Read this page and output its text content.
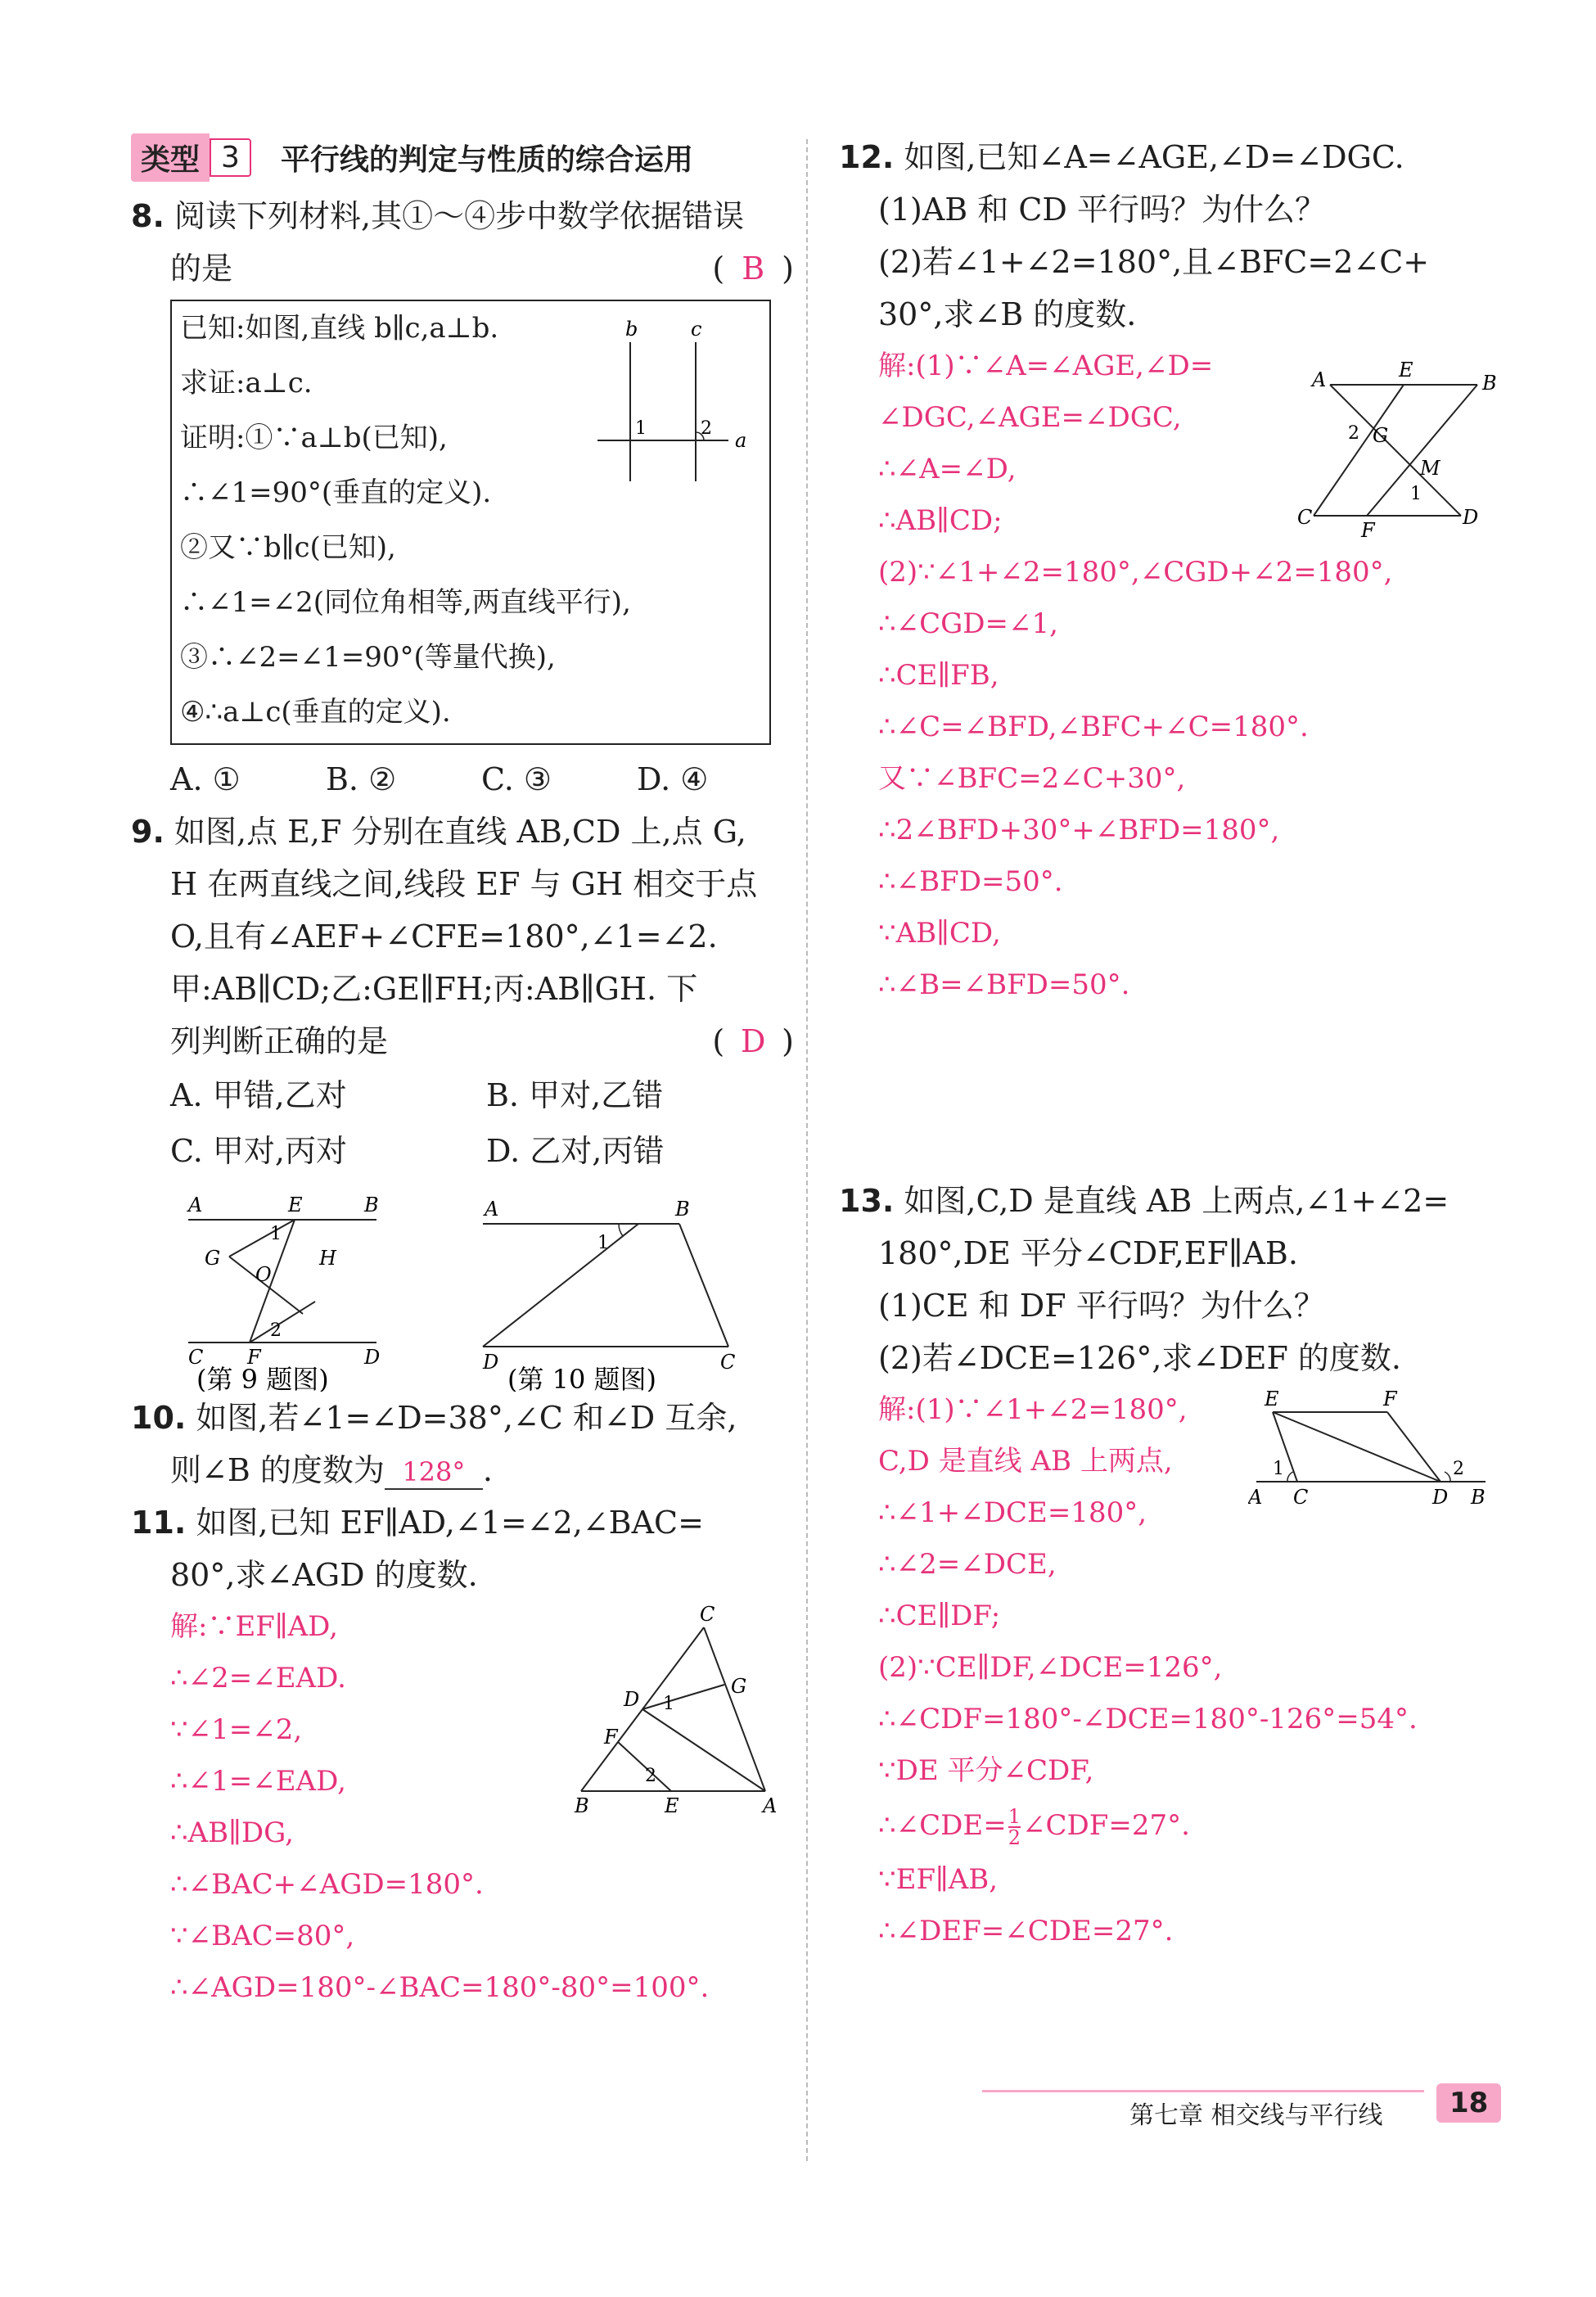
类型 3	平行线的判定与性质的综合运用
8. 阅读下列材料,其①～④步中数学依据错误
的是	( B )
已知:如图,直线 b∥c,a⊥b.
求证:a⊥c.
证明:①∵a⊥b(已知),
∴∠1=90°(垂直的定义).
②又∵b∥c(已知),
∴∠1=∠2(同位角相等,两直线平行),
③∴∠2=∠1=90°(等量代换),
④∴a⊥c(垂直的定义).
b	c
a
1	2
A. ①	B. ②	C. ③	D. ④
9. 如图,点 E,F 分别在直线 AB,CD 上,点 G,
H 在两直线之间,线段 EF 与 GH 相交于点
O,且有∠AEF+∠CFE=180°,∠1=∠2.
甲:AB∥CD;乙:GE∥FH;丙:AB∥GH. 下
列判断正确的是	( D )
A. 甲错,乙对	B. 甲对,乙错
C. 甲对,丙对	D. 乙对,丙错
A	E	B
G
O
H
C F	D
1
2
(第 9 题图)
A	B
D	C
1
(第 10 题图)
10. 如图,若∠1=∠D=38°,∠C 和∠D 互余,
则∠B 的度数为 128° .
11. 如图,已知 EF∥AD,∠1=∠2,∠BAC=
80°,求∠AGD 的度数.
解:∵EF∥AD,
∴∠2=∠EAD.
∵∠1=∠2,
∴∠1=∠EAD,
∴AB∥DG,
∴∠BAC+∠AGD=180°.
∵∠BAC=80°,
∴∠AGD=180°-∠BAC=180°-80°=100°.
C
D
G
1
F
2
B	E	A
12. 如图,已知∠A=∠AGE,∠D=∠DGC.
(1)AB 和 CD 平行吗？为什么？
(2)若∠1+∠2=180°,且∠BFC=2∠C+
30°,求∠B 的度数.
解:(1)∵∠A=∠AGE,∠D=
∠DGC,∠AGE=∠DGC,
∴∠A=∠D,
∴AB∥CD;
(2)∵∠1+∠2=180°,∠CGD+∠2=180°,
∴∠CGD=∠1,
∴CE∥FB,
∴∠C=∠BFD,∠BFC+∠C=180°.
又∵∠BFC=2∠C+30°,
∴2∠BFD+30°+∠BFD=180°,
∴∠BFD=50°.
∵AB∥CD,
∴∠B=∠BFD=50°.
A	E
B
2 G
M
1
C
F
D
13. 如图,C,D 是直线 AB 上两点,∠1+∠2=
180°,DE 平分∠CDF,EF∥AB.
(1)CE 和 DF 平行吗？为什么？
(2)若∠DCE=126°,求∠DEF 的度数.
解:(1)∵∠1+∠2=180°,
C,D 是直线 AB 上两点,
∴∠1+∠DCE=180°,
∴∠2=∠DCE,
∴CE∥DF;
(2)∵CE∥DF,∠DCE=126°,
∴∠CDF=180°-∠DCE=180°-126°=54°.
∵DE 平分∠CDF,
∴∠CDE= $\frac{1}{2}$ ∠CDF=27°.
∵EF∥AB,
∴∠DEF=∠CDE=27°.
E	F
1	2
A C	D B
第七章 相交线与平行线	18
